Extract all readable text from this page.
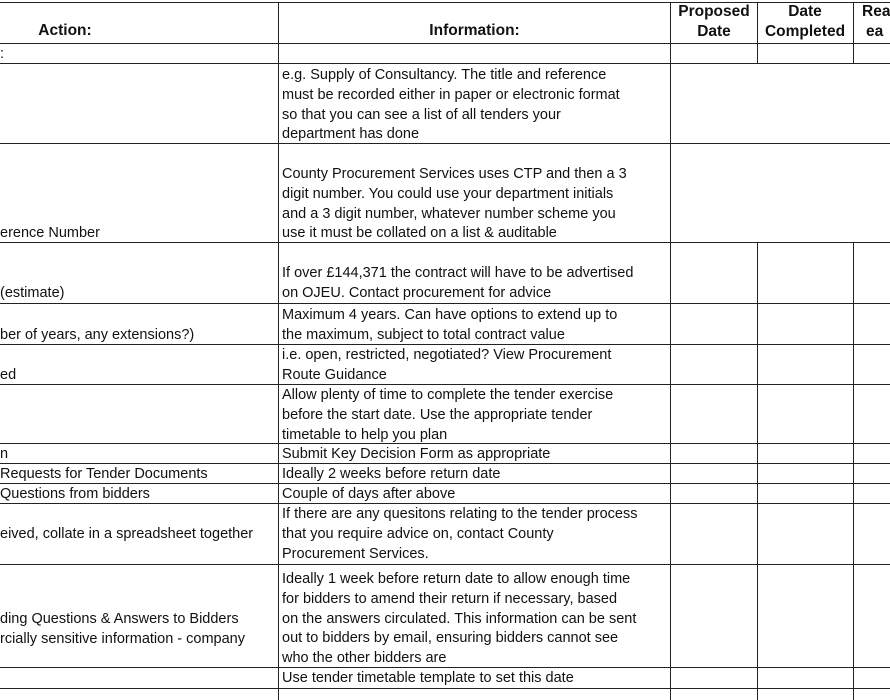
Action:	Information:
Proposed
Date
Date
Completed
Rea
ea
:
erence Number
(estimate)
ber of years, any extensions?)
ed
n
Requests for Tender Documents
Questions from bidders
eived, collate in a spreadsheet together
ding Questions & Answers to Bidders
rcially sensitive information - company
e.g. Supply of Consultancy. The title and reference
must be recorded either in paper or electronic format
so that you can see a list of all tenders your
department has done
County Procurement Services uses CTP and then a 3
digit number. You could use your department initials
and a 3 digit number, whatever number scheme you
use it must be collated on a list & auditable
If over £144,371 the contract will have to be advertised
on OJEU. Contact procurement for advice
Maximum 4 years. Can have options to extend up to
the maximum, subject to total contract value
i.e. open, restricted, negotiated? View Procurement
Route Guidance
Allow plenty of time to complete the tender exercise
before the start date. Use the appropriate tender
timetable to help you plan
Submit Key Decision Form as appropriate
Ideally 2 weeks before return date
Couple of days after above
If there are any quesitons relating to the tender process
that you require advice on, contact County
Procurement Services.
Ideally 1 week before return date to allow enough time
for bidders to amend their return if necessary, based
on the answers circulated. This information can be sent
out to bidders by email, ensuring bidders cannot see
who the other bidders are
Use tender timetable template to set this date
